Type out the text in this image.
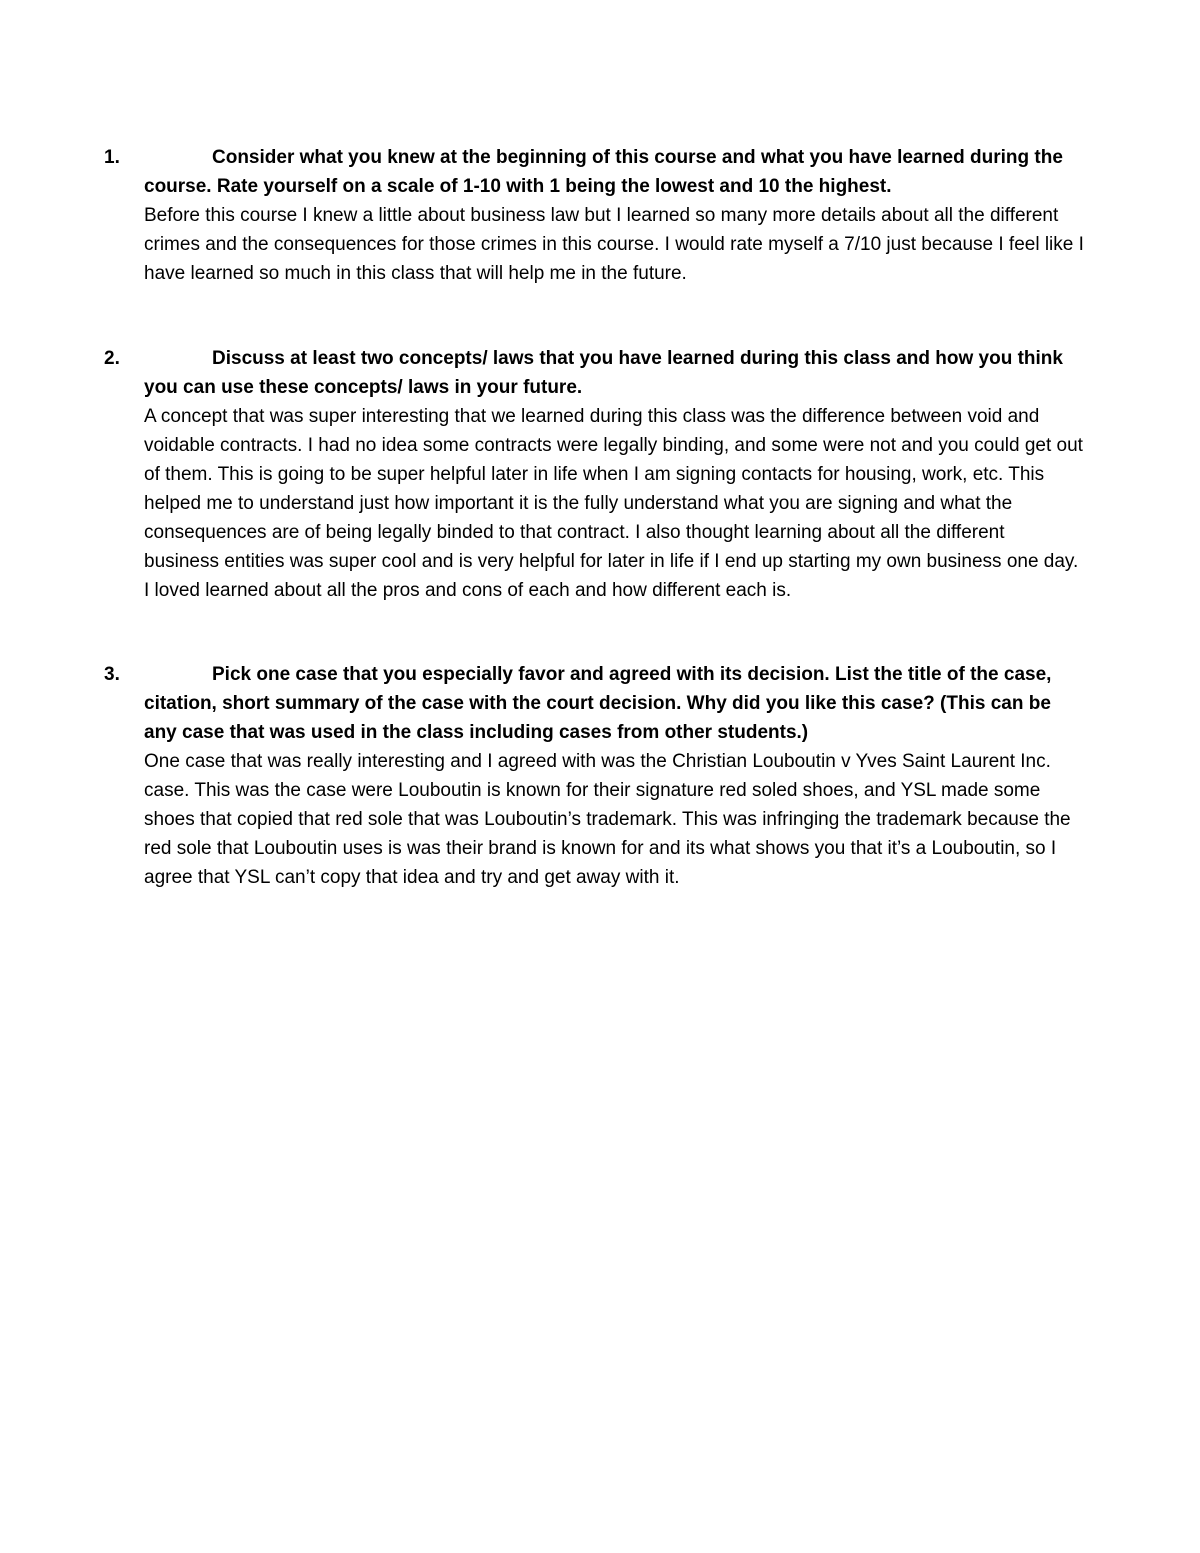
1.	Consider what you knew at the beginning of this course and what you have learned during the course. Rate yourself on a scale of 1-10 with 1 being the lowest and 10 the highest.

Before this course I knew a little about business law but I learned so many more details about all the different crimes and the consequences for those crimes in this course. I would rate myself a 7/10 just because I feel like I have learned so much in this class that will help me in the future.

2.	Discuss at least two concepts/ laws that you have learned during this class and how you think you can use these concepts/ laws in your future.

A concept that was super interesting that we learned during this class was the difference between void and voidable contracts. I had no idea some contracts were legally binding, and some were not and you could get out of them. This is going to be super helpful later in life when I am signing contacts for housing, work, etc. This helped me to understand just how important it is the fully understand what you are signing and what the consequences are of being legally binded to that contract. I also thought learning about all the different business entities was super cool and is very helpful for later in life if I end up starting my own business one day. I loved learned about all the pros and cons of each and how different each is.

3.	Pick one case that you especially favor and agreed with its decision. List the title of the case, citation, short summary of the case with the court decision. Why did you like this case? (This can be any case that was used in the class including cases from other students.)

One case that was really interesting and I agreed with was the Christian Louboutin v Yves Saint Laurent Inc. case. This was the case were Louboutin is known for their signature red soled shoes, and YSL made some shoes that copied that red sole that was Louboutin’s trademark. This was infringing the trademark because the red sole that Louboutin uses is was their brand is known for and its what shows you that it’s a Louboutin, so I agree that YSL can’t copy that idea and try and get away with it.
